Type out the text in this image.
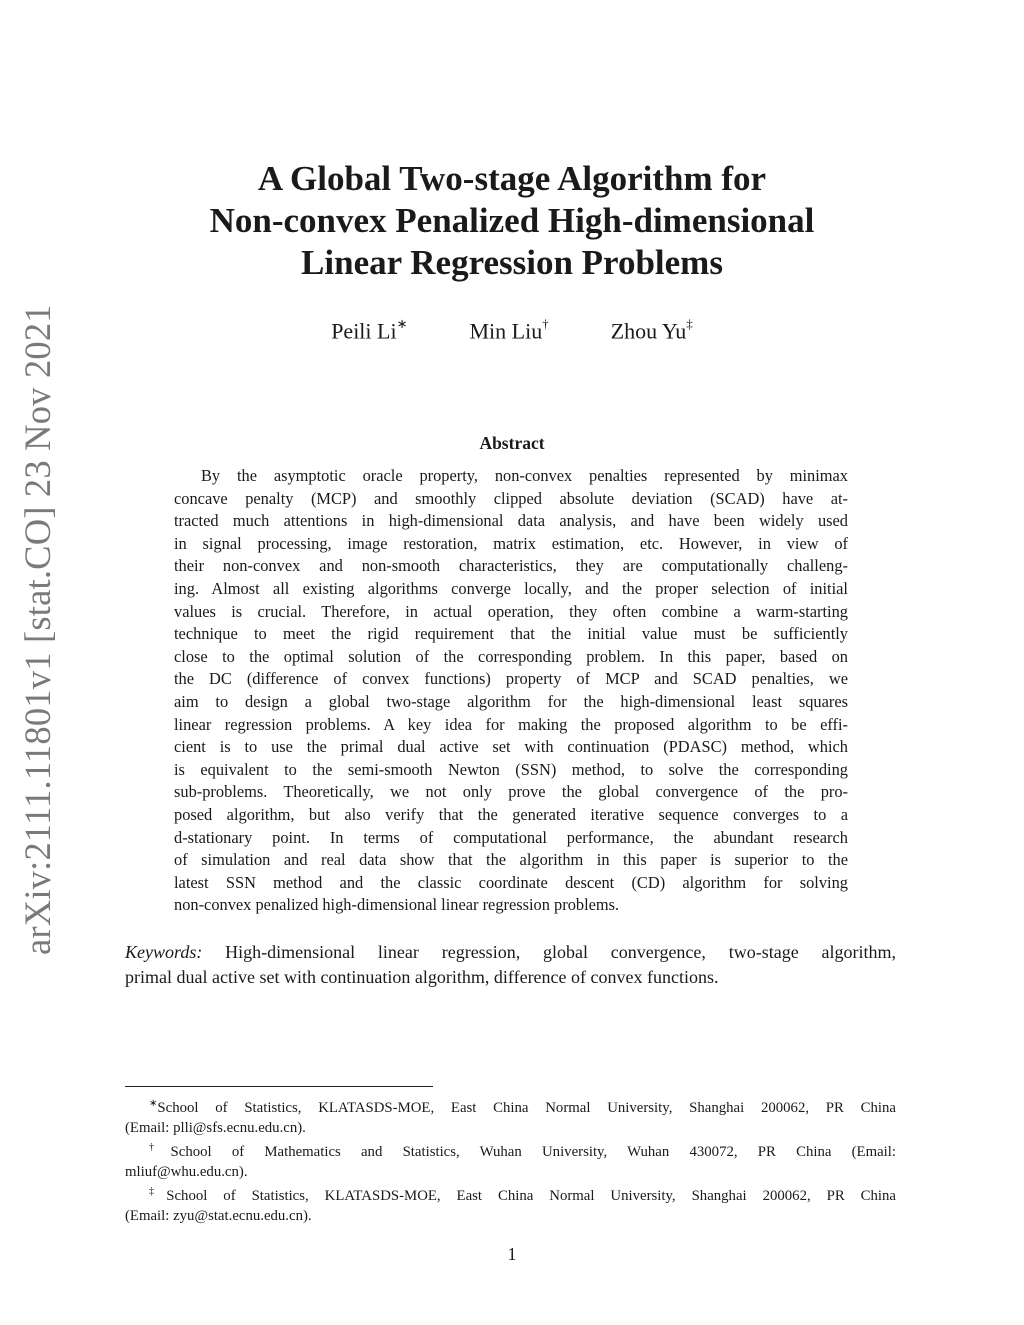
arXiv:2111.11801v1 [stat.CO] 23 Nov 2021
A Global Two-stage Algorithm for
Non-convex Penalized High-dimensional
Linear Regression Problems
Peili Li∗	Min Liu†	Zhou Yu‡
Abstract
By the asymptotic oracle property, non-convex penalties represented by minimax
concave penalty (MCP) and smoothly clipped absolute deviation (SCAD) have at-
tracted much attentions in high-dimensional data analysis, and have been widely used
in signal processing, image restoration, matrix estimation, etc. However, in view of
their non-convex and non-smooth characteristics, they are computationally challeng-
ing. Almost all existing algorithms converge locally, and the proper selection of initial
values is crucial. Therefore, in actual operation, they often combine a warm-starting
technique to meet the rigid requirement that the initial value must be sufficiently
close to the optimal solution of the corresponding problem. In this paper, based on
the DC (difference of convex functions) property of MCP and SCAD penalties, we
aim to design a global two-stage algorithm for the high-dimensional least squares
linear regression problems. A key idea for making the proposed algorithm to be effi-
cient is to use the primal dual active set with continuation (PDASC) method, which
is equivalent to the semi-smooth Newton (SSN) method, to solve the corresponding
sub-problems. Theoretically, we not only prove the global convergence of the pro-
posed algorithm, but also verify that the generated iterative sequence converges to a
d-stationary point. In terms of computational performance, the abundant research
of simulation and real data show that the algorithm in this paper is superior to the
latest SSN method and the classic coordinate descent (CD) algorithm for solving
non-convex penalized high-dimensional linear regression problems.
Keywords: High-dimensional linear regression, global convergence, two-stage algorithm,
primal dual active set with continuation algorithm, difference of convex functions.
∗School of Statistics, KLATASDS-MOE, East China Normal University, Shanghai 200062, PR China
(Email: plli@sfs.ecnu.edu.cn).
†School of Mathematics and Statistics, Wuhan University, Wuhan 430072, PR China (Email:
mliuf@whu.edu.cn).
‡School of Statistics, KLATASDS-MOE, East China Normal University, Shanghai 200062, PR China
(Email: zyu@stat.ecnu.edu.cn).
1
